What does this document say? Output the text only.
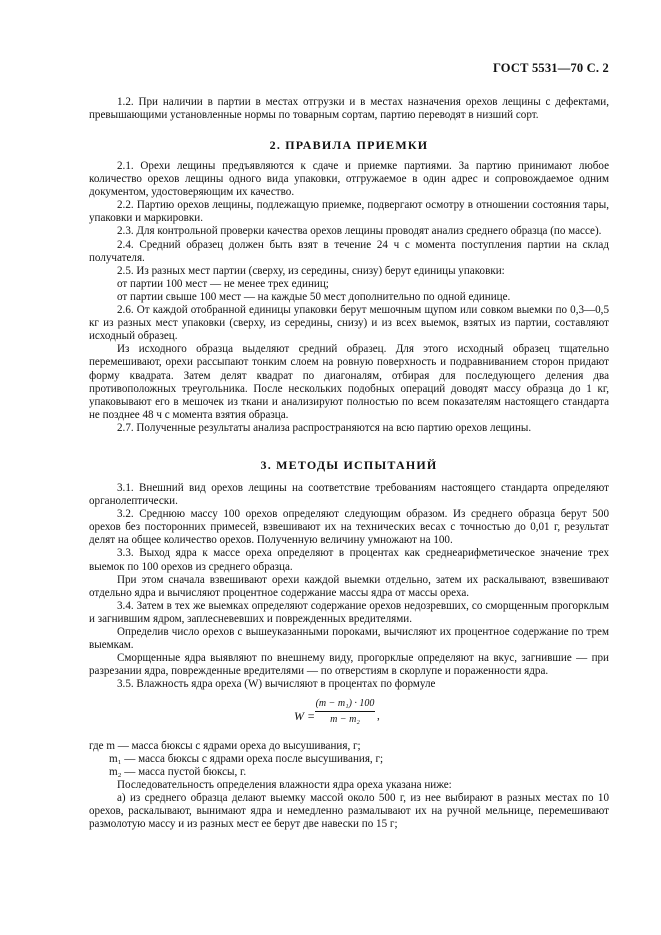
ГОСТ 5531—70 С. 2

1.2. При наличии в партии в местах отгрузки и в местах назначения орехов лещины с дефектами, превышающими установленные нормы по товарным сортам, партию переводят в низший сорт.

2. ПРАВИЛА ПРИЕМКИ

2.1. Орехи лещины предъявляются к сдаче и приемке партиями. За партию принимают любое количество орехов лещины одного вида упаковки, отгружаемое в один адрес и сопровождаемое одним документом, удостоверяющим их качество.

2.2. Партию орехов лещины, подлежащую приемке, подвергают осмотру в отношении состояния тары, упаковки и маркировки.

2.3. Для контрольной проверки качества орехов лещины проводят анализ среднего образца (по массе).

2.4. Средний образец должен быть взят в течение 24 ч с момента поступления партии на склад получателя.

2.5. Из разных мест партии (сверху, из середины, снизу) берут единицы упаковки:

от партии 100 мест — не менее трех единиц;

от партии свыше 100 мест — на каждые 50 мест дополнительно по одной единице.

2.6. От каждой отобранной единицы упаковки берут мешочным щупом или совком выемки по 0,3—0,5 кг из разных мест упаковки (сверху, из середины, снизу) и из всех выемок, взятых из партии, составляют исходный образец.

Из исходного образца выделяют средний образец. Для этого исходный образец тщательно перемешивают, орехи рассыпают тонким слоем на ровную поверхность и подравниванием сторон придают форму квадрата. Затем делят квадрат по диагоналям, отбирая для последующего деления два противоположных треугольника. После нескольких подобных операций доводят массу образца до 1 кг, упаковывают его в мешочек из ткани и анализируют полностью по всем показателям настоящего стандарта не позднее 48 ч с момента взятия образца.

2.7. Полученные результаты анализа распространяются на всю партию орехов лещины.

3. МЕТОДЫ ИСПЫТАНИЙ

3.1. Внешний вид орехов лещины на соответствие требованиям настоящего стандарта определяют органолептически.

3.2. Среднюю массу 100 орехов определяют следующим образом. Из среднего образца берут 500 орехов без посторонних примесей, взвешивают их на технических весах с точностью до 0,01 г, результат делят на общее количество орехов. Полученную величину умножают на 100.

3.3. Выход ядра к массе ореха определяют в процентах как среднеарифметическое значение трех выемок по 100 орехов из среднего образца.

При этом сначала взвешивают орехи каждой выемки отдельно, затем их раскалывают, взвешивают отдельно ядра и вычисляют процентное содержание массы ядра от массы ореха.

3.4. Затем в тех же выемках определяют содержание орехов недозревших, со сморщенным прогорклым и загнившим ядром, заплесневевших и поврежденных вредителями.

Определив число орехов с вышеуказанными пороками, вычисляют их процентное содержание по трем выемкам.

Сморщенные ядра выявляют по внешнему виду, прогорклые определяют на вкус, загнившие — при разрезании ядра, поврежденные вредителями — по отверстиям в скорлупе и пораженности ядра.

3.5. Влажность ядра ореха (W) вычисляют в процентах по формуле

$W = \frac{\text{(m − m₁) · 100}}{\text{m − m₂}}$ ,

где m — масса бюксы с ядрами ореха до высушивания, г;

m₁ — масса бюксы с ядрами ореха после высушивания, г;

m₂ — масса пустой бюксы, г.

Последовательность определения влажности ядра ореха указана ниже:

а) из среднего образца делают выемку массой около 500 г, из нее выбирают в разных местах по 10 орехов, раскалывают, вынимают ядра и немедленно размалывают их на ручной мельнице, перемешивают размолотую массу и из разных мест ее берут две навески по 15 г;
